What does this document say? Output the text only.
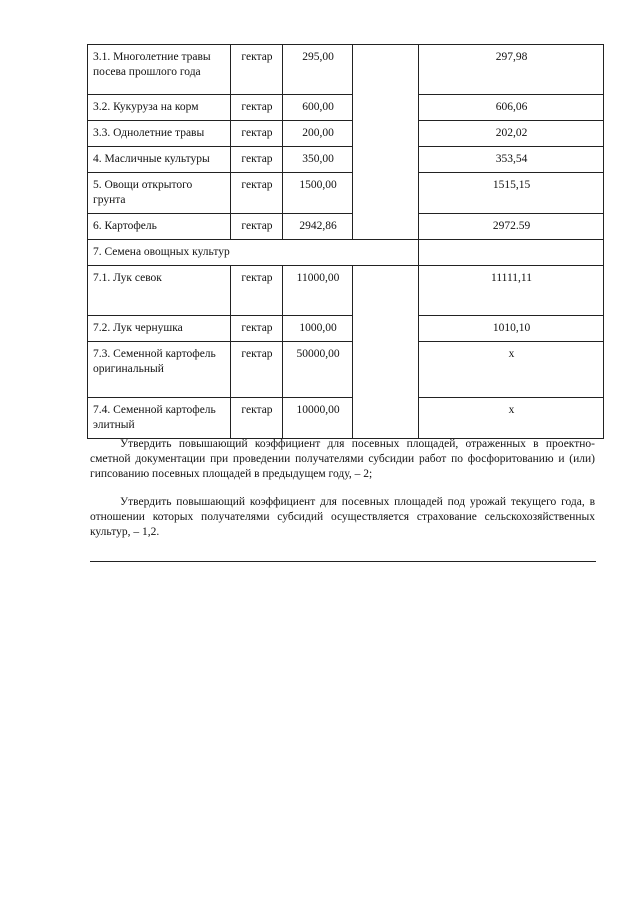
3.1. Многолетние травы посева прошлого года	гектар	295,00		297,98
3.2. Кукуруза на корм	гектар	600,00		606,06
3.3. Однолетние травы	гектар	200,00		202,02
4. Масличные культуры	гектар	350,00		353,54
5. Овощи открытого грунта	гектар	1500,00		1515,15
6. Картофель	гектар	2942,86		2972.59
7. Семена овощных культур				
7.1. Лук севок	гектар	11000,00		11111,11
7.2. Лук чернушка	гектар	1000,00		1010,10
7.3. Семенной картофель оригинальный	гектар	50000,00		х
7.4. Семенной картофель элитный	гектар	10000,00		х

Утвердить повышающий коэффициент для посевных площадей, отраженных в проектно-сметной документации при проведении получателями субсидии работ по фосфоритованию и (или) гипсованию посевных площадей в предыдущем году, – 2;

Утвердить повышающий коэффициент для посевных площадей под урожай текущего года, в отношении которых получателями субсидий осуществляется страхование сельскохозяйственных культур, – 1,2.
